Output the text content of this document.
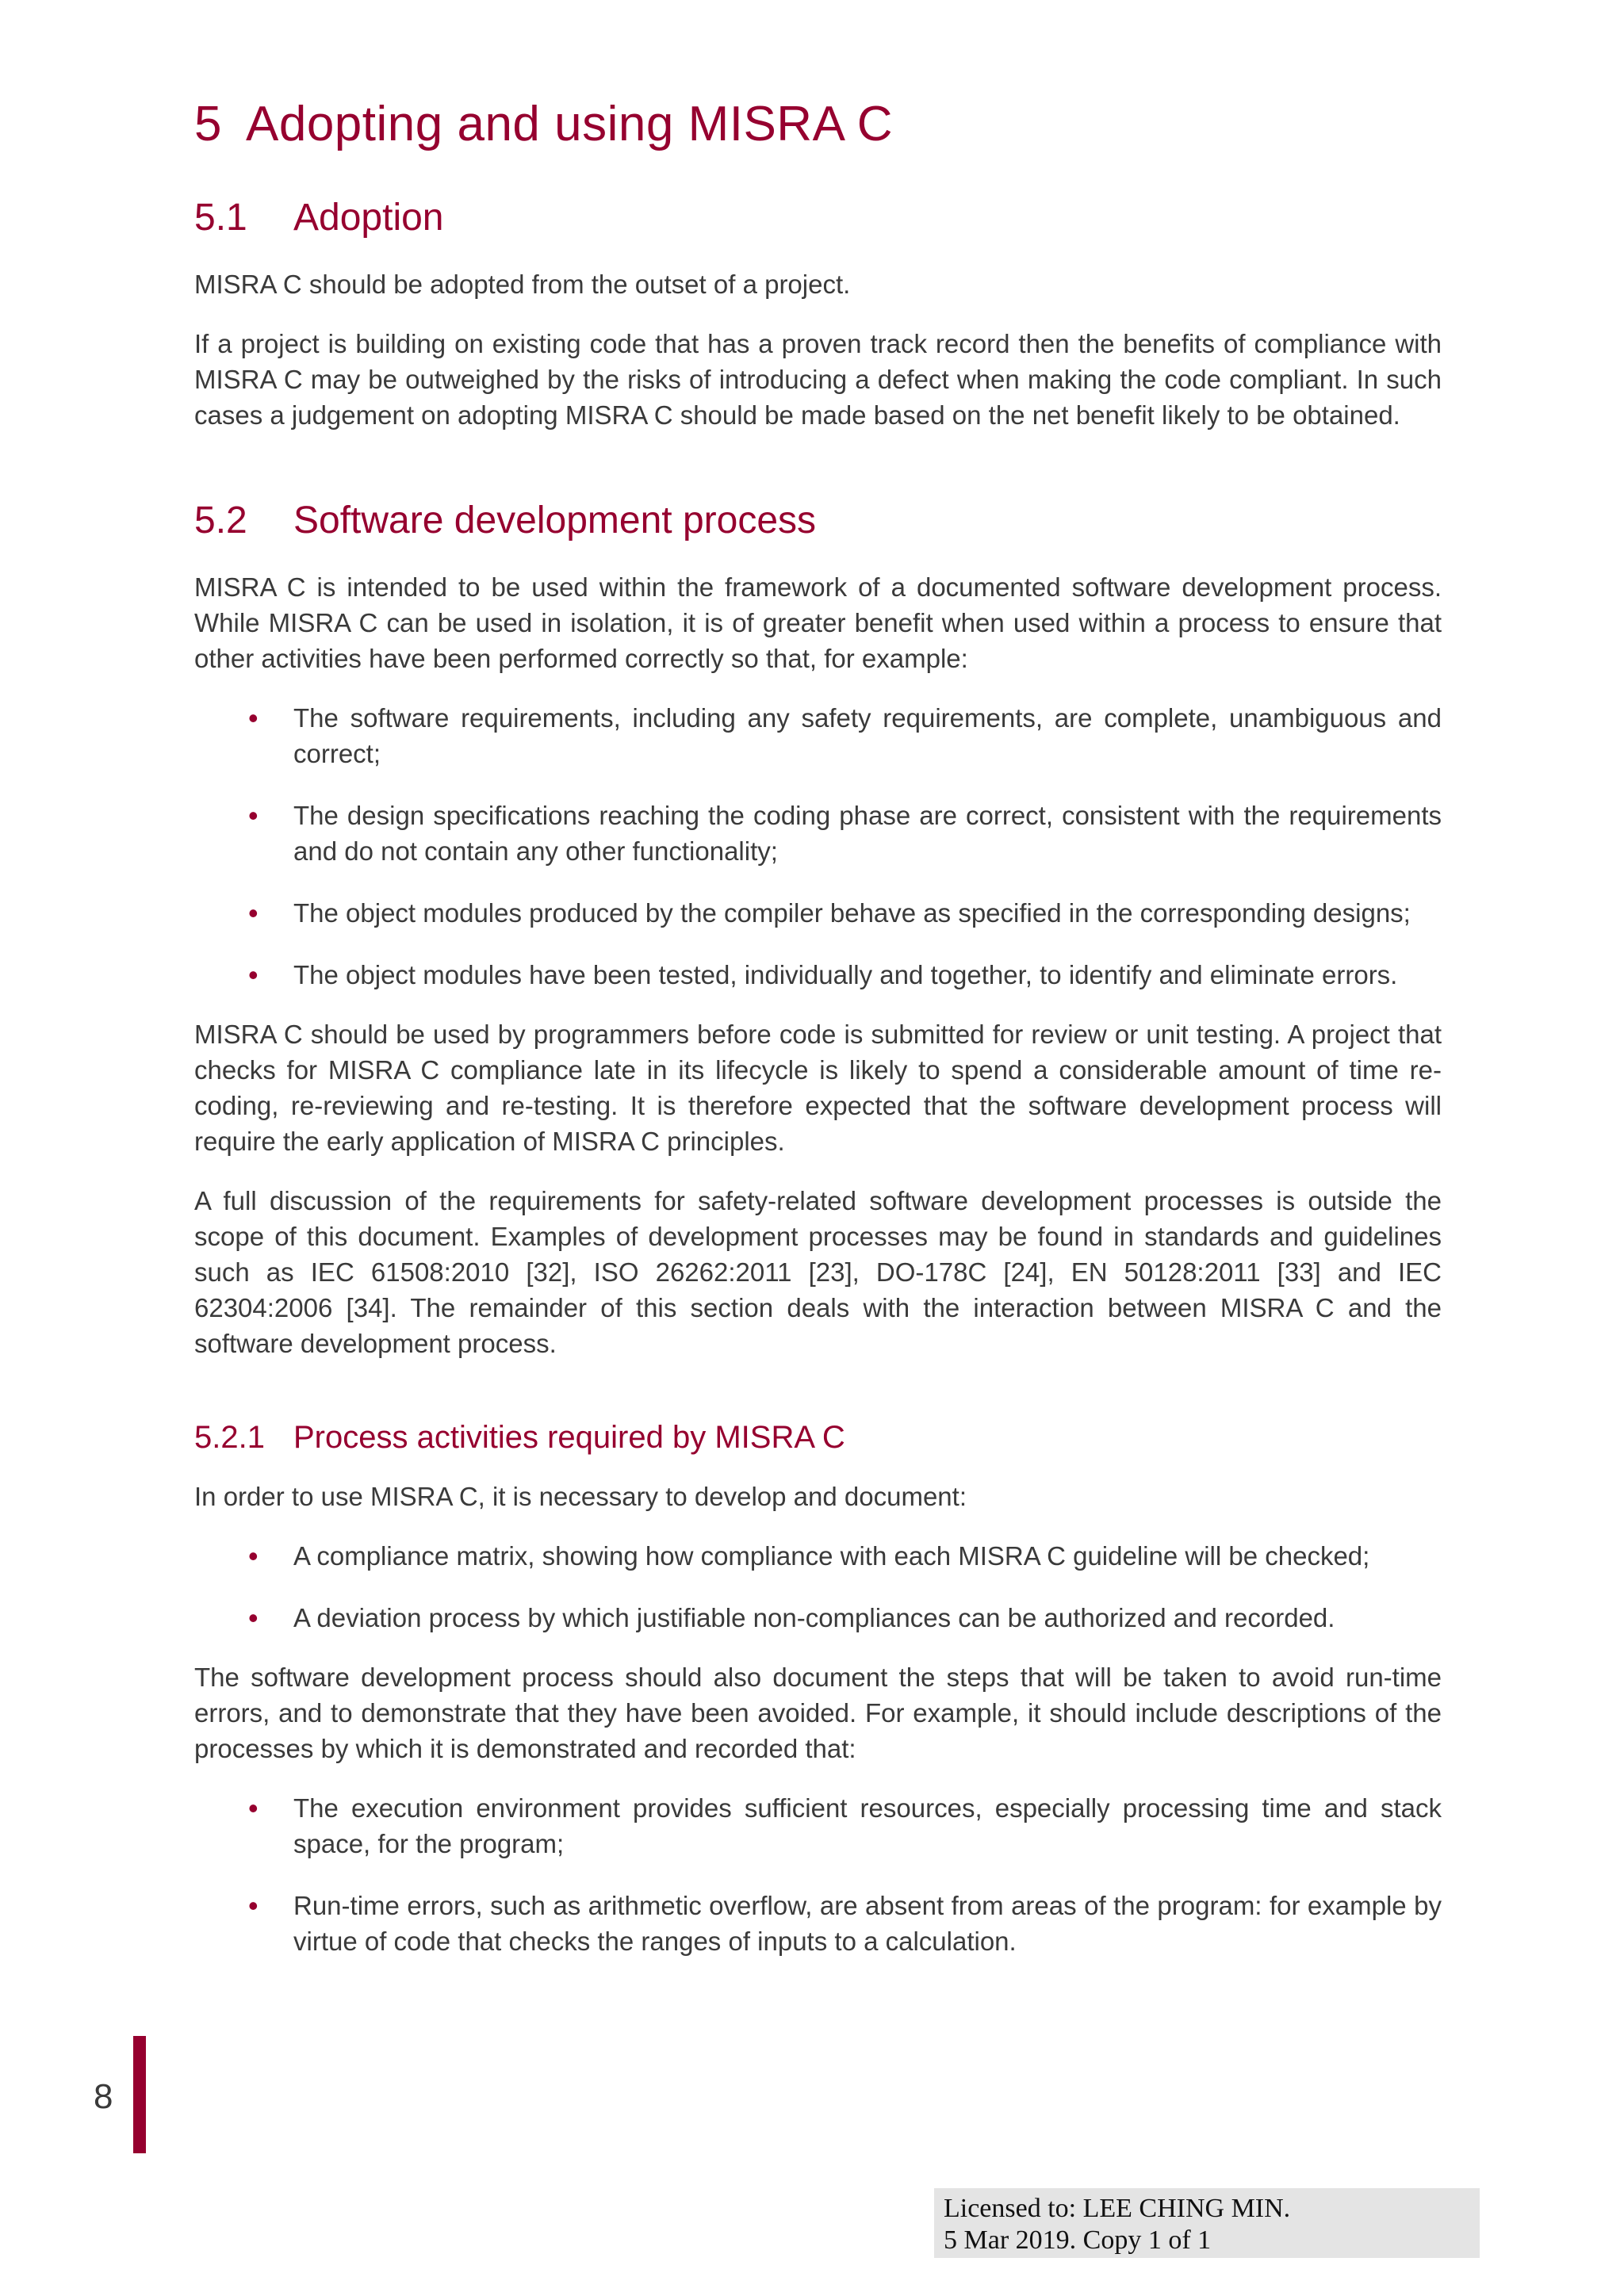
5 Adopting and using MISRA C
5.1 Adoption

MISRA C should be adopted from the outset of a project.

If a project is building on existing code that has a proven track record then the benefits of compliance with MISRA C may be outweighed by the risks of introducing a defect when making the code compliant. In such cases a judgement on adopting MISRA C should be made based on the net benefit likely to be obtained.

5.2 Software development process

MISRA C is intended to be used within the framework of a documented software development process. While MISRA C can be used in isolation, it is of greater benefit when used within a process to ensure that other activities have been performed correctly so that, for example:

• The software requirements, including any safety requirements, are complete, unambiguous and correct;
• The design specifications reaching the coding phase are correct, consistent with the requirements and do not contain any other functionality;
• The object modules produced by the compiler behave as specified in the corresponding designs;
• The object modules have been tested, individually and together, to identify and eliminate errors.

MISRA C should be used by programmers before code is submitted for review or unit testing. A project that checks for MISRA C compliance late in its lifecycle is likely to spend a considerable amount of time re-coding, re-reviewing and re-testing. It is therefore expected that the software development process will require the early application of MISRA C principles.

A full discussion of the requirements for safety-related software development processes is outside the scope of this document. Examples of development processes may be found in standards and guidelines such as IEC 61508:2010 [32], ISO 26262:2011 [23], DO-178C [24], EN 50128:2011 [33] and IEC 62304:2006 [34]. The remainder of this section deals with the interaction between MISRA C and the software development process.

5.2.1 Process activities required by MISRA C

In order to use MISRA C, it is necessary to develop and document:

• A compliance matrix, showing how compliance with each MISRA C guideline will be checked;
• A deviation process by which justifiable non-compliances can be authorized and recorded.

The software development process should also document the steps that will be taken to avoid run-time errors, and to demonstrate that they have been avoided. For example, it should include descriptions of the processes by which it is demonstrated and recorded that:

• The execution environment provides sufficient resources, especially processing time and stack space, for the program;
• Run-time errors, such as arithmetic overflow, are absent from areas of the program: for example by virtue of code that checks the ranges of inputs to a calculation.
8
Licensed to: LEE CHING MIN.
5 Mar 2019. Copy 1 of 1
